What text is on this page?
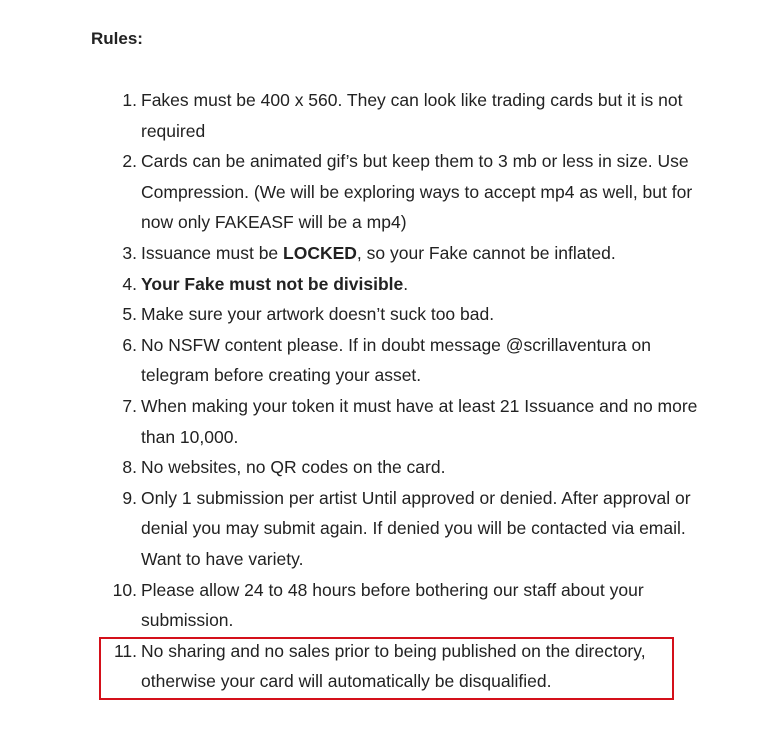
Rules:
1. Fakes must be 400 x 560. They can look like trading cards but it is not required
2. Cards can be animated gif’s but keep them to 3 mb or less in size. Use Compression. (We will be exploring ways to accept mp4 as well, but for now only FAKEASF will be a mp4)
3. Issuance must be LOCKED, so your Fake cannot be inflated.
4. Your Fake must not be divisible.
5. Make sure your artwork doesn’t suck too bad.
6. No NSFW content please. If in doubt message @scrillaventura on telegram before creating your asset.
7. When making your token it must have at least 21 Issuance and no more than 10,000.
8. No websites, no QR codes on the card.
9. Only 1 submission per artist Until approved or denied. After approval or denial you may submit again. If denied you will be contacted via email. Want to have variety.
10. Please allow 24 to 48 hours before bothering our staff about your submission.
11. No sharing and no sales prior to being published on the directory, otherwise your card will automatically be disqualified.
